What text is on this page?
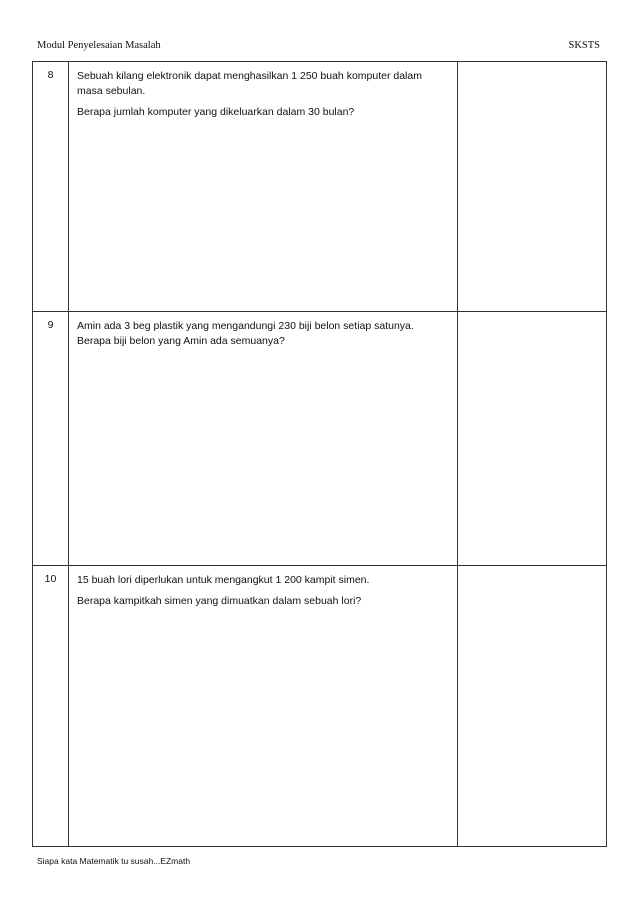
Modul Penyelesaian Masalah	SKSTS
8	Sebuah kilang elektronik dapat menghasilkan 1 250 buah komputer dalam masa sebulan.

Berapa jumlah komputer yang dikeluarkan dalam 30 bulan?	

9	Amin ada 3 beg plastik yang mengandungi 230 biji belon setiap satunya. Berapa biji belon yang Amin ada semuanya?	

10	15 buah lori diperlukan untuk mengangkut 1 200 kampit simen.

Berapa kampitkah simen yang dimuatkan dalam sebuah lori?	

Siapa kata Matematik tu susah...EZmath
